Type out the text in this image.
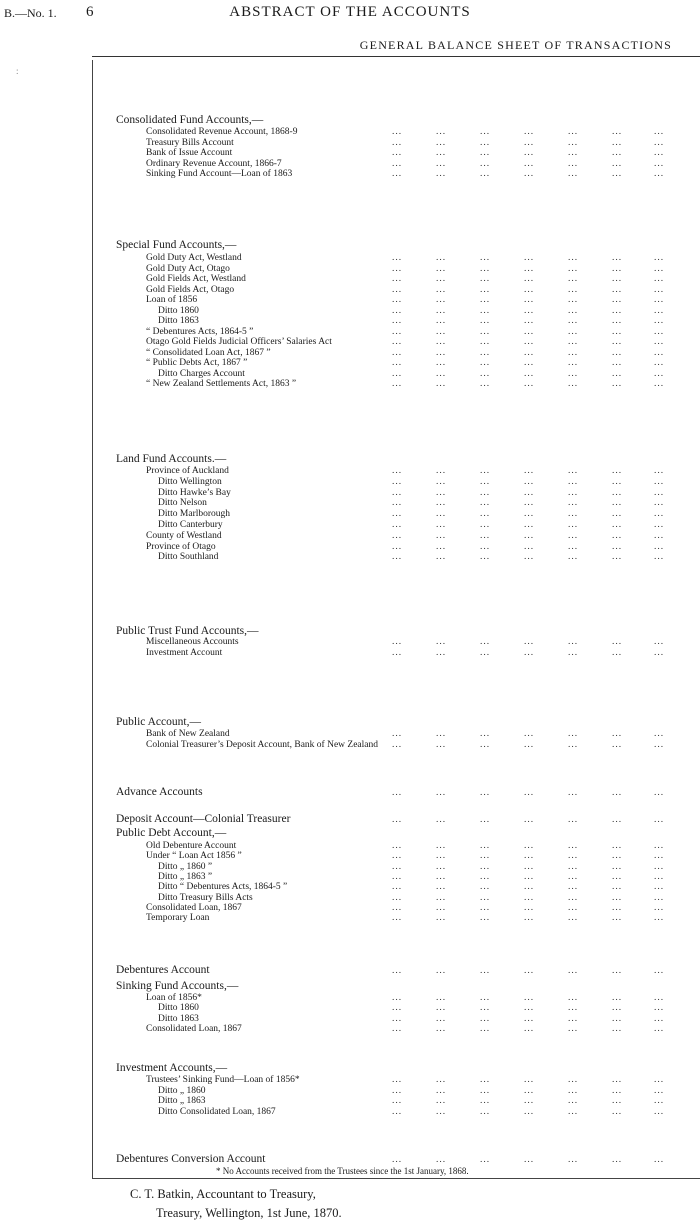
B.—No. 1. 6	ABSTRACT OF THE ACCOUNTS
GENERAL BALANCE SHEET OF TRANSACTIONS
:
Consolidated Fund Accounts,—
Consolidated Revenue Account, 1868-9	...	...	...	...	...	...	...
Treasury Bills Account	...	...	...	...	...	...	...
Bank of Issue Account	...	...	...	...	...	...	...
Ordinary Revenue Account, 1866-7	...	...	...	...	...	...	...
Sinking Fund Account—Loan of 1863	...	...	...	...	...	...	...
Special Fund Accounts,—
Gold Duty Act, Westland	...	...	...	...	...	...	...
Gold Duty Act, Otago	...	...	...	...	...	...	...
Gold Fields Act, Westland	...	...	...	...	...	...	...
Gold Fields Act, Otago	...	...	...	...	...	...	...
Loan of 1856	...	...	...	...	...	...	...
Ditto 1860	...	...	...	...	...	...	...
Ditto 1863	...	...	...	...	...	...	...
“ Debentures Acts, 1864-5 ”	...	...	...	...	...	...	...
Otago Gold Fields Judicial Officers’ Salaries Act	...	...	...	...	...	...	...
“ Consolidated Loan Act, 1867 ”	...	...	...	...	...	...	...
“ Public Debts Act, 1867 ”	...	...	...	...	...	...	...
Ditto Charges Account	...	...	...	...	...	...	...
“ New Zealand Settlements Act, 1863 ”	...	...	...	...	...	...	...
Land Fund Accounts.—
Province of Auckland	...	...	...	...	...	...	...
Ditto Wellington	...	...	...	...	...	...	...
Ditto Hawke’s Bay	...	...	...	...	...	...	...
Ditto Nelson	...	...	...	...	...	...	...
Ditto Marlborough	...	...	...	...	...	...	...
Ditto Canterbury	...	...	...	...	...	...	...
County of Westland	...	...	...	...	...	...	...
Province of Otago	...	...	...	...	...	...	...
Ditto Southland	...	...	...	...	...	...	...
Public Trust Fund Accounts,—
Miscellaneous Accounts	...	...	...	...	...	...	...
Investment Account	...	...	...	...	...	...	...
Public Account,—
Bank of New Zealand	...	...	...	...	...	...	...
Colonial Treasurer’s Deposit Account, Bank of New Zealand ...	...	...	...	...	...	...
Advance Accounts	...	...	...	...	...	...	...
Deposit Account—Colonial Treasurer	...	...	...	...	...	...	...
Public Debt Account,—
Old Debenture Account	...	...	...	...	...	...	...
Under “ Loan Act 1856 ”	...	...	...	...	...	...	...
Ditto „ 1860 ”	...	...	...	...	...	...	...
Ditto „ 1863 ”	...	...	...	...	...	...	...
Ditto “ Debentures Acts, 1864-5 ”	...	...	...	...	...	...	...
Ditto Treasury Bills Acts	...	...	...	...	...	...	...
Consolidated Loan, 1867	...	...	...	...	...	...	...
Temporary Loan	...	...	...	...	...	...	...
Debentures Account	...	...	...	...	...	...	...
Sinking Fund Accounts,—
Loan of 1856*	...	...	...	...	...	...	...
Ditto 1860	...	...	...	...	...	...	...
Ditto 1863	...	...	...	...	...	...	...
Consolidated Loan, 1867	...	...	...	...	...	...	...
Investment Accounts,—
Trustees’ Sinking Fund—Loan of 1856*	...	...	...	...	...	...	...
Ditto „ 1860	...	...	...	...	...	...	...
Ditto „ 1863	...	...	...	...	...	...	...
Ditto Consolidated Loan, 1867	...	...	...	...	...	...	...
Debentures Conversion Account	...	...	...	...	...	...	...
* No Accounts received from the Trustees since the 1st January, 1868.
C. T. Batkin, Accountant to Treasury,
Treasury, Wellington, 1st June, 1870.
